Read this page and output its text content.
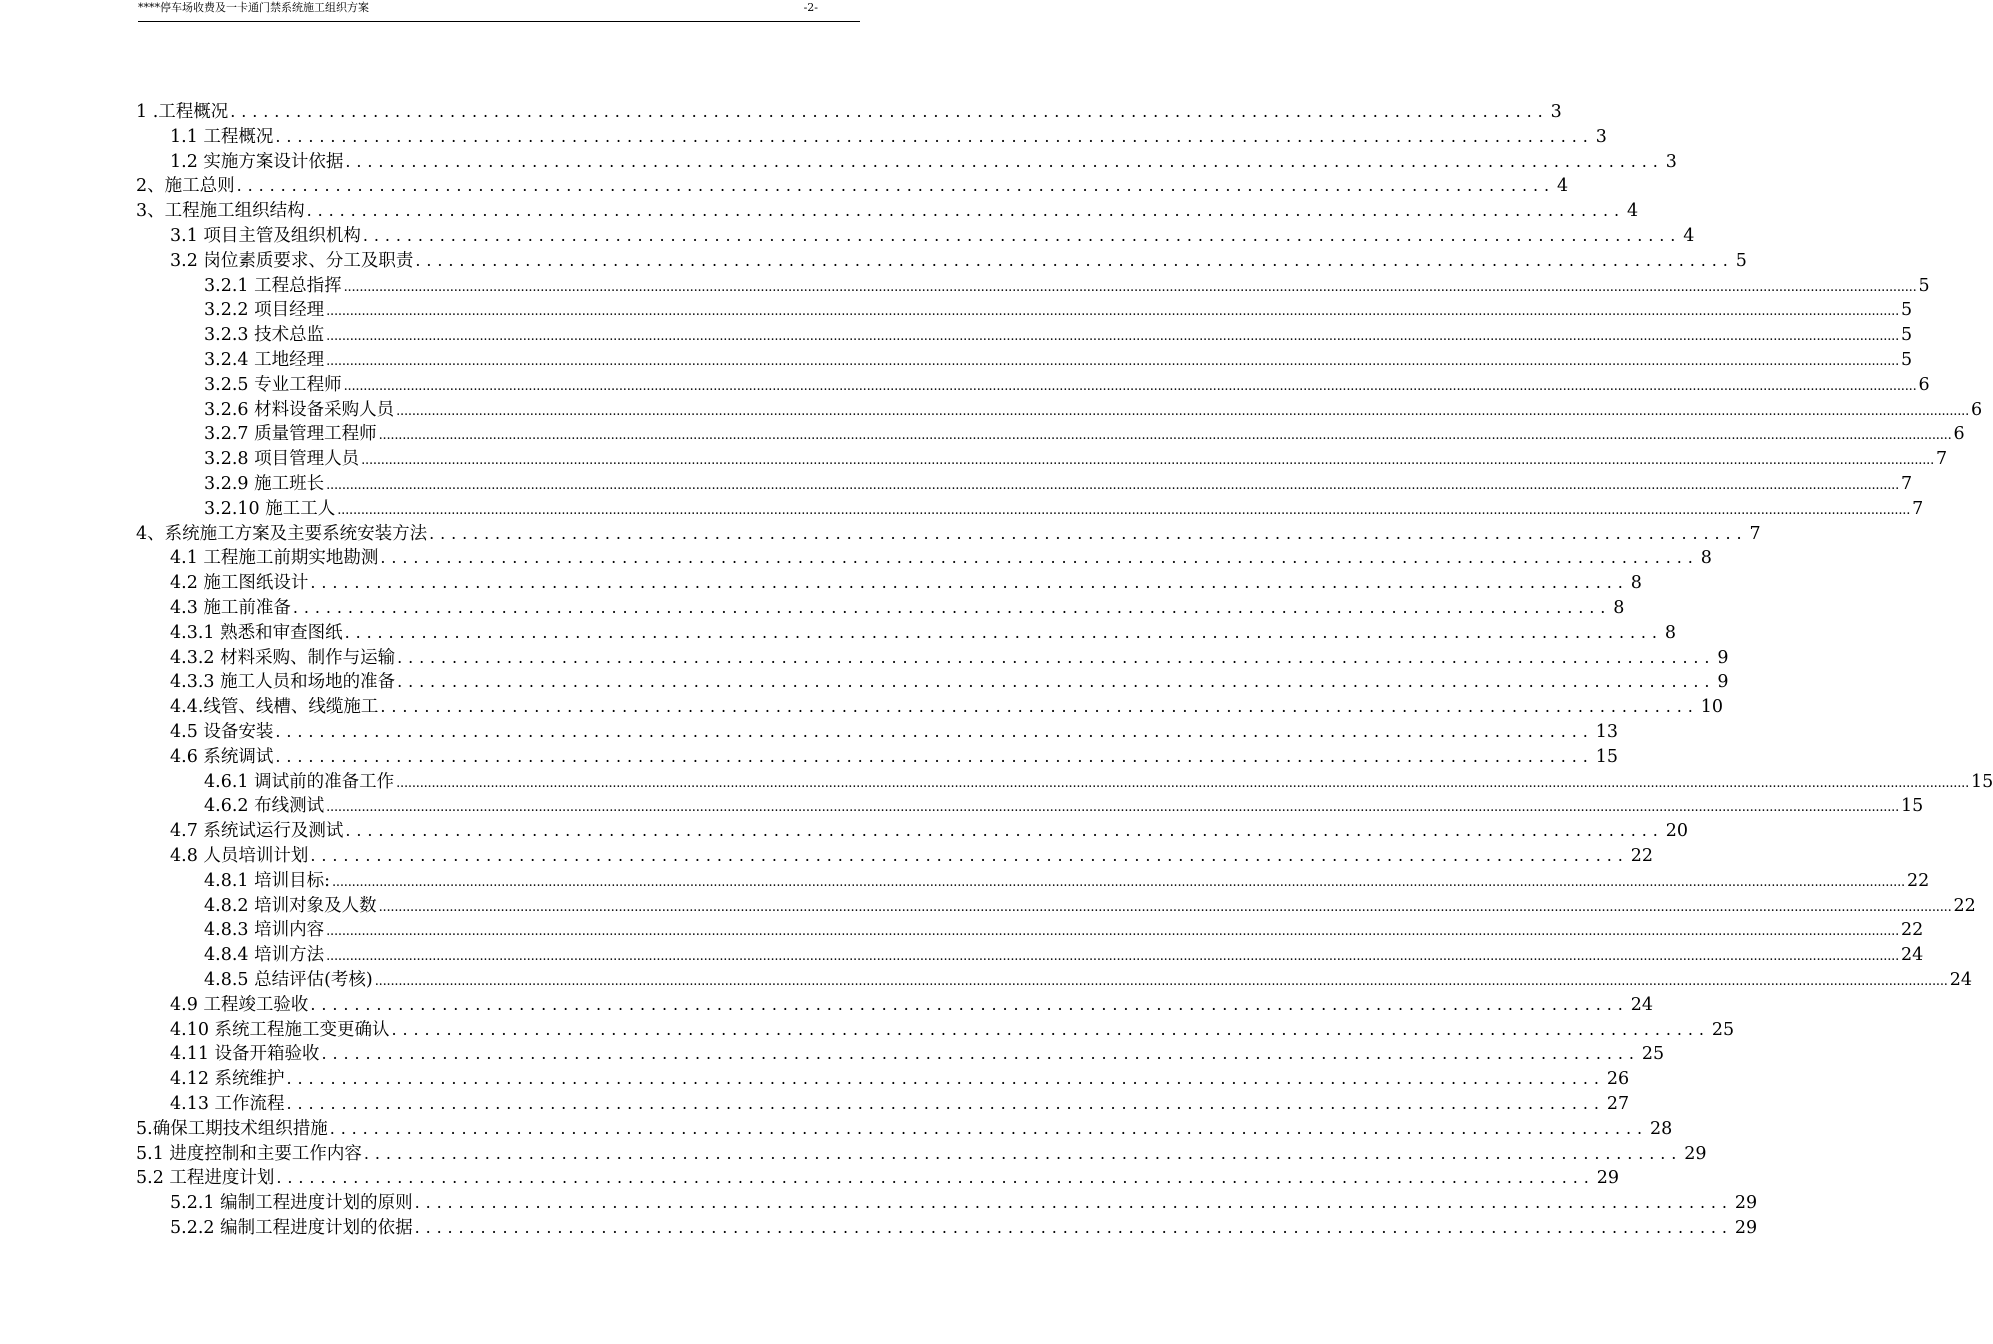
****停车场收费及一卡通门禁系统施工组织方案	-2-
1 .工程概况 ........................................................................................................................ 3
1.1 工程概况 ........................................................................................................................ 3
1.2 实施方案设计依据 ........................................................................................................................ 3
2、施工总则 ........................................................................................................................ 4
3、工程施工组织结构 ........................................................................................................................ 4
3.1 项目主管及组织机构 ........................................................................................................................ 4
3.2 岗位素质要求、分工及职责 ........................................................................................................................ 5
3.2.1 工程总指挥 ................................................................................................................................................................................................................................................................................................................................................................................................................ 5
3.2.2 项目经理 ................................................................................................................................................................................................................................................................................................................................................................................................................ 5
3.2.3 技术总监 ................................................................................................................................................................................................................................................................................................................................................................................................................ 5
3.2.4 工地经理 ................................................................................................................................................................................................................................................................................................................................................................................................................ 5
3.2.5 专业工程师 ................................................................................................................................................................................................................................................................................................................................................................................................................ 6
3.2.6 材料设备采购人员 ................................................................................................................................................................................................................................................................................................................................................................................................................ 6
3.2.7 质量管理工程师 ................................................................................................................................................................................................................................................................................................................................................................................................................ 6
3.2.8 项目管理人员 ................................................................................................................................................................................................................................................................................................................................................................................................................ 7
3.2.9 施工班长 ................................................................................................................................................................................................................................................................................................................................................................................................................ 7
3.2.10 施工工人 ................................................................................................................................................................................................................................................................................................................................................................................................................ 7
4、系统施工方案及主要系统安装方法 ........................................................................................................................ 7
4.1 工程施工前期实地勘测 ........................................................................................................................ 8
4.2 施工图纸设计 ........................................................................................................................ 8
4.3 施工前准备 ........................................................................................................................ 8
4.3.1 熟悉和审查图纸 ........................................................................................................................ 8
4.3.2 材料采购、制作与运输 ........................................................................................................................ 9
4.3.3 施工人员和场地的准备 ........................................................................................................................ 9
4.4.线管、线槽、线缆施工 ........................................................................................................................ 10
4.5 设备安装 ........................................................................................................................ 13
4.6 系统调试 ........................................................................................................................ 15
4.6.1 调试前的准备工作 ................................................................................................................................................................................................................................................................................................................................................................................................................ 15
4.6.2 布线测试 ................................................................................................................................................................................................................................................................................................................................................................................................................ 15
4.7 系统试运行及测试 ........................................................................................................................ 20
4.8 人员培训计划 ........................................................................................................................ 22
4.8.1 培训目标: ................................................................................................................................................................................................................................................................................................................................................................................................................ 22
4.8.2 培训对象及人数 ................................................................................................................................................................................................................................................................................................................................................................................................................ 22
4.8.3 培训内容 ................................................................................................................................................................................................................................................................................................................................................................................................................ 22
4.8.4 培训方法 ................................................................................................................................................................................................................................................................................................................................................................................................................ 24
4.8.5 总结评估(考核) ................................................................................................................................................................................................................................................................................................................................................................................................................ 24
4.9 工程竣工验收 ........................................................................................................................ 24
4.10 系统工程施工变更确认 ........................................................................................................................ 25
4.11 设备开箱验收 ........................................................................................................................ 25
4.12 系统维护 ........................................................................................................................ 26
4.13 工作流程 ........................................................................................................................ 27
5.确保工期技术组织措施 ........................................................................................................................ 28
5.1 进度控制和主要工作内容 ........................................................................................................................ 29
5.2 工程进度计划 ........................................................................................................................ 29
5.2.1 编制工程进度计划的原则 ........................................................................................................................ 29
5.2.2 编制工程进度计划的依据 ........................................................................................................................ 29
